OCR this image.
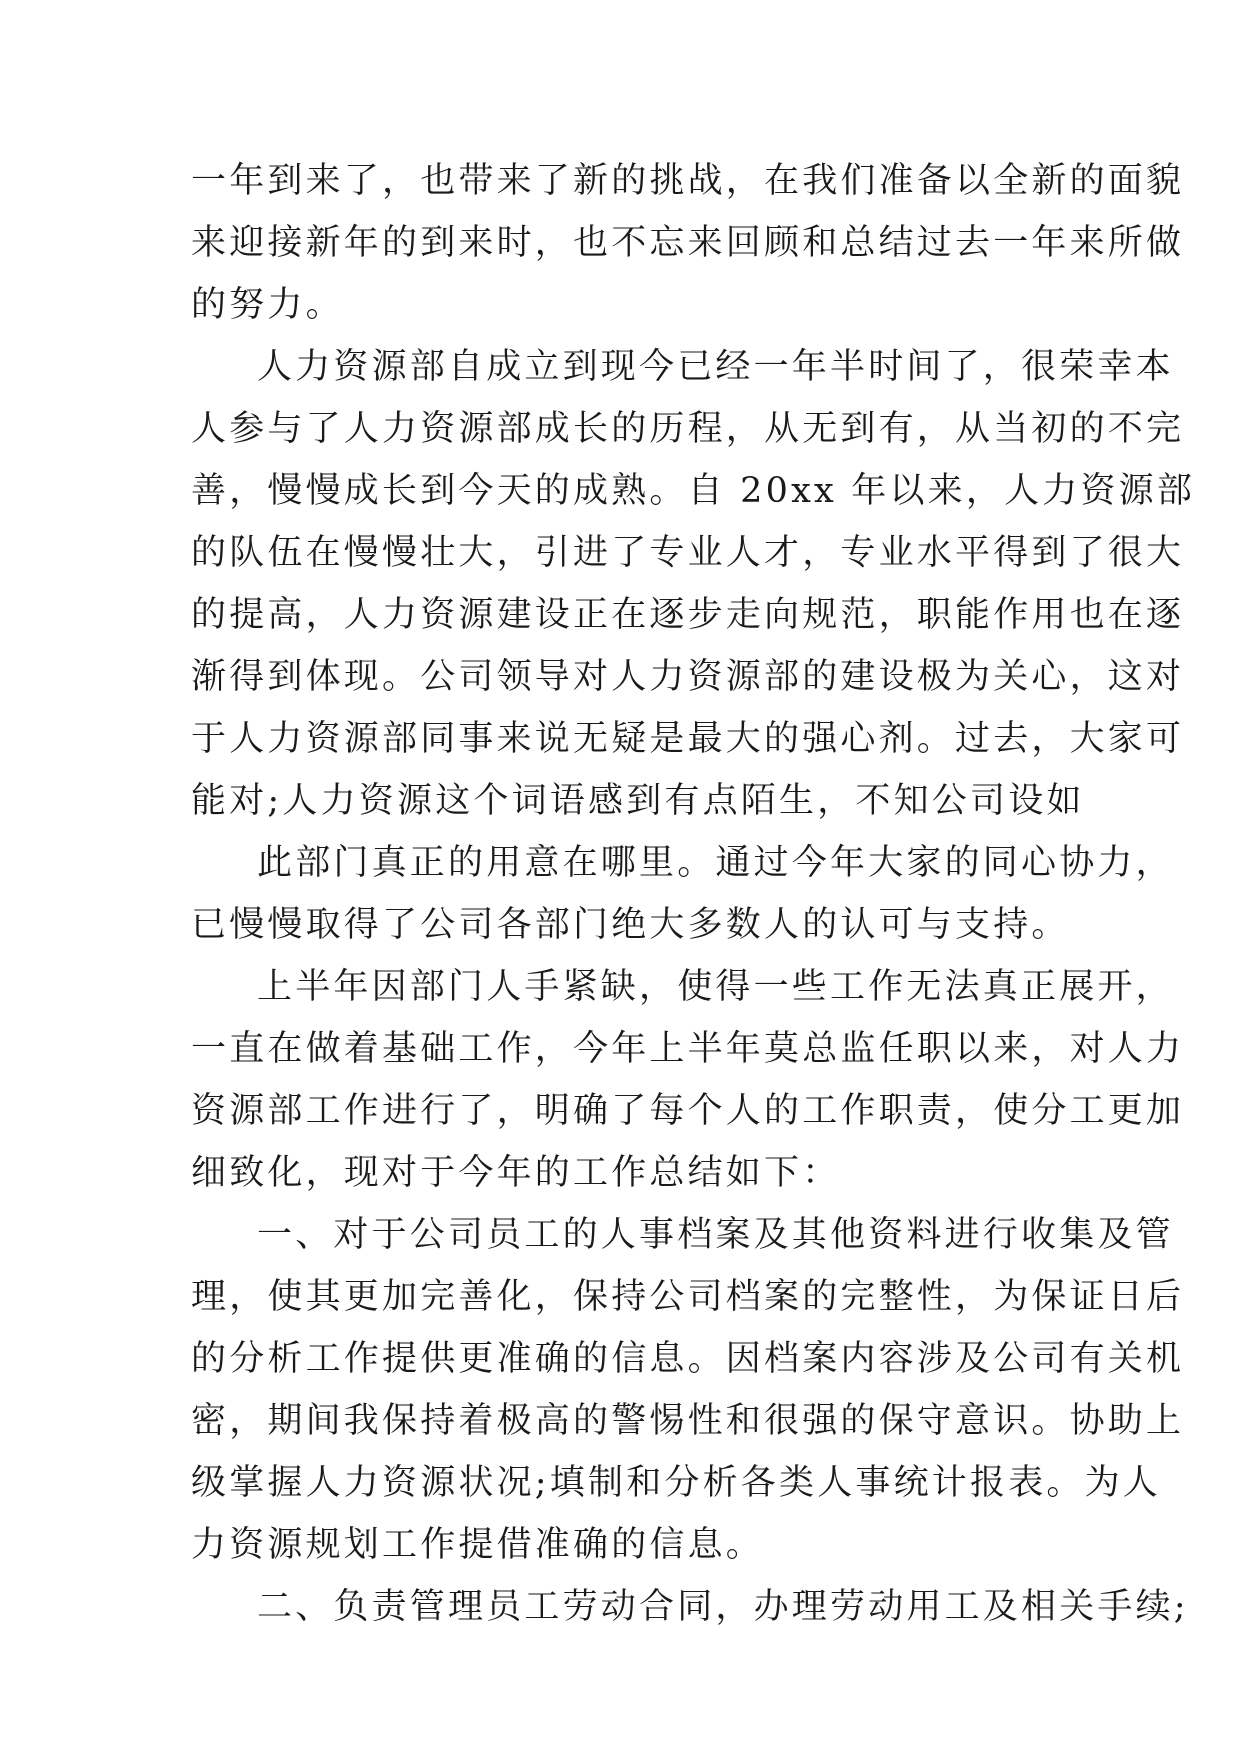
一年到来了，也带来了新的挑战，在我们准备以全新的面貌
来迎接新年的到来时，也不忘来回顾和总结过去一年来所做
的努力。
人力资源部自成立到现今已经一年半时间了，很荣幸本
人参与了人力资源部成长的历程，从无到有，从当初的不完
善，慢慢成长到今天的成熟。自 20xx 年以来，人力资源部
的队伍在慢慢壮大，引进了专业人才，专业水平得到了很大
的提高，人力资源建设正在逐步走向规范，职能作用也在逐
渐得到体现。公司领导对人力资源部的建设极为关心，这对
于人力资源部同事来说无疑是最大的强心剂。过去，大家可
能对;人力资源这个词语感到有点陌生，不知公司设如
此部门真正的用意在哪里。通过今年大家的同心协力，
已慢慢取得了公司各部门绝大多数人的认可与支持。
上半年因部门人手紧缺，使得一些工作无法真正展开，
一直在做着基础工作，今年上半年莫总监任职以来，对人力
资源部工作进行了，明确了每个人的工作职责，使分工更加
细致化，现对于今年的工作总结如下：
一、对于公司员工的人事档案及其他资料进行收集及管
理，使其更加完善化，保持公司档案的完整性，为保证日后
的分析工作提供更准确的信息。因档案内容涉及公司有关机
密，期间我保持着极高的警惕性和很强的保守意识。协助上
级掌握人力资源状况;填制和分析各类人事统计报表。为人
力资源规划工作提借准确的信息。
二、负责管理员工劳动合同，办理劳动用工及相关手续;
